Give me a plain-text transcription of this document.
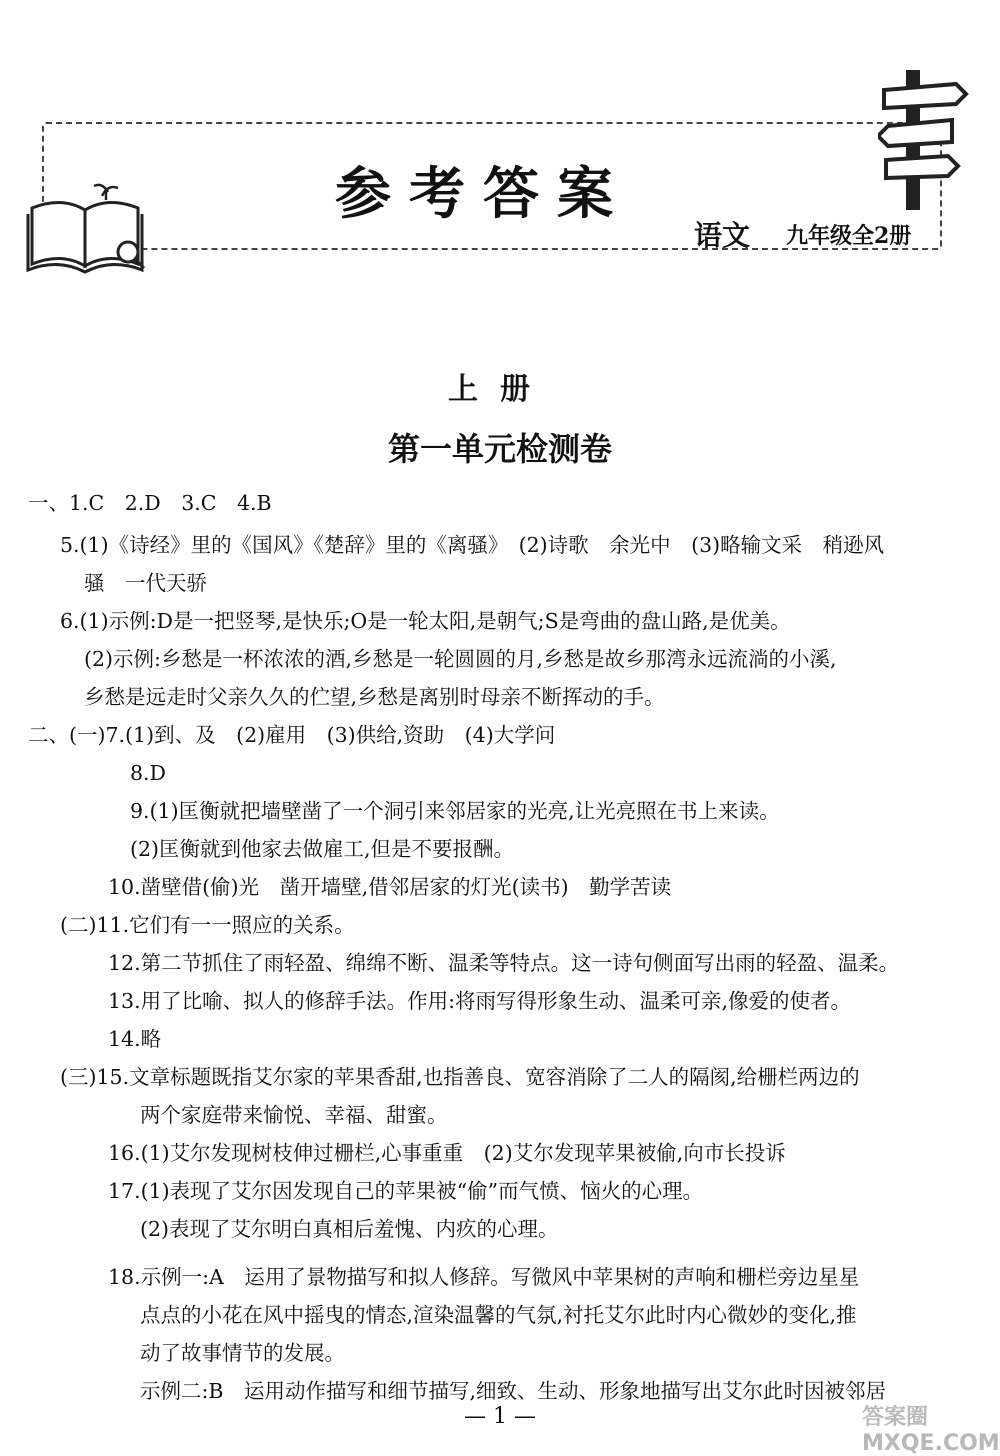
参考答案
语文 九年级全2册
上册
第一单元检测卷
一、1.C　2.D　3.C　4.B
5.(1)《诗经》里的《国风》《楚辞》里的《离骚》　(2)诗歌　余光中　(3)略输文采　稍逊风
骚　一代天骄
6.(1)示例:D是一把竖琴,是快乐;O是一轮太阳,是朝气;S是弯曲的盘山路,是优美。
(2)示例:乡愁是一杯浓浓的酒,乡愁是一轮圆圆的月,乡愁是故乡那湾永远流淌的小溪,
乡愁是远走时父亲久久的伫望,乡愁是离别时母亲不断挥动的手。
二、(一)7.(1)到、及　(2)雇用　(3)供给,资助　(4)大学问
8.D
9.(1)匡衡就把墙壁凿了一个洞引来邻居家的光亮,让光亮照在书上来读。
(2)匡衡就到他家去做雇工,但是不要报酬。
10.凿壁借(偷)光　凿开墙壁,借邻居家的灯光(读书)　勤学苦读
(二)11.它们有一一照应的关系。
12.第二节抓住了雨轻盈、绵绵不断、温柔等特点。这一诗句侧面写出雨的轻盈、温柔。
13.用了比喻、拟人的修辞手法。作用:将雨写得形象生动、温柔可亲,像爱的使者。
14.略
(三)15.文章标题既指艾尔家的苹果香甜,也指善良、宽容消除了二人的隔阂,给栅栏两边的
两个家庭带来愉悦、幸福、甜蜜。
16.(1)艾尔发现树枝伸过栅栏,心事重重　(2)艾尔发现苹果被偷,向市长投诉
17.(1)表现了艾尔因发现自己的苹果被“偷”而气愤、恼火的心理。
(2)表现了艾尔明白真相后羞愧、内疚的心理。
18.示例一:A　运用了景物描写和拟人修辞。写微风中苹果树的声响和栅栏旁边星星
点点的小花在风中摇曳的情态,渲染温馨的气氛,衬托艾尔此时内心微妙的变化,推
动了故事情节的发展。
示例二:B　运用动作描写和细节描写,细致、生动、形象地描写出艾尔此时因被邻居
— 1 —	答案圈 MXQE.COM
